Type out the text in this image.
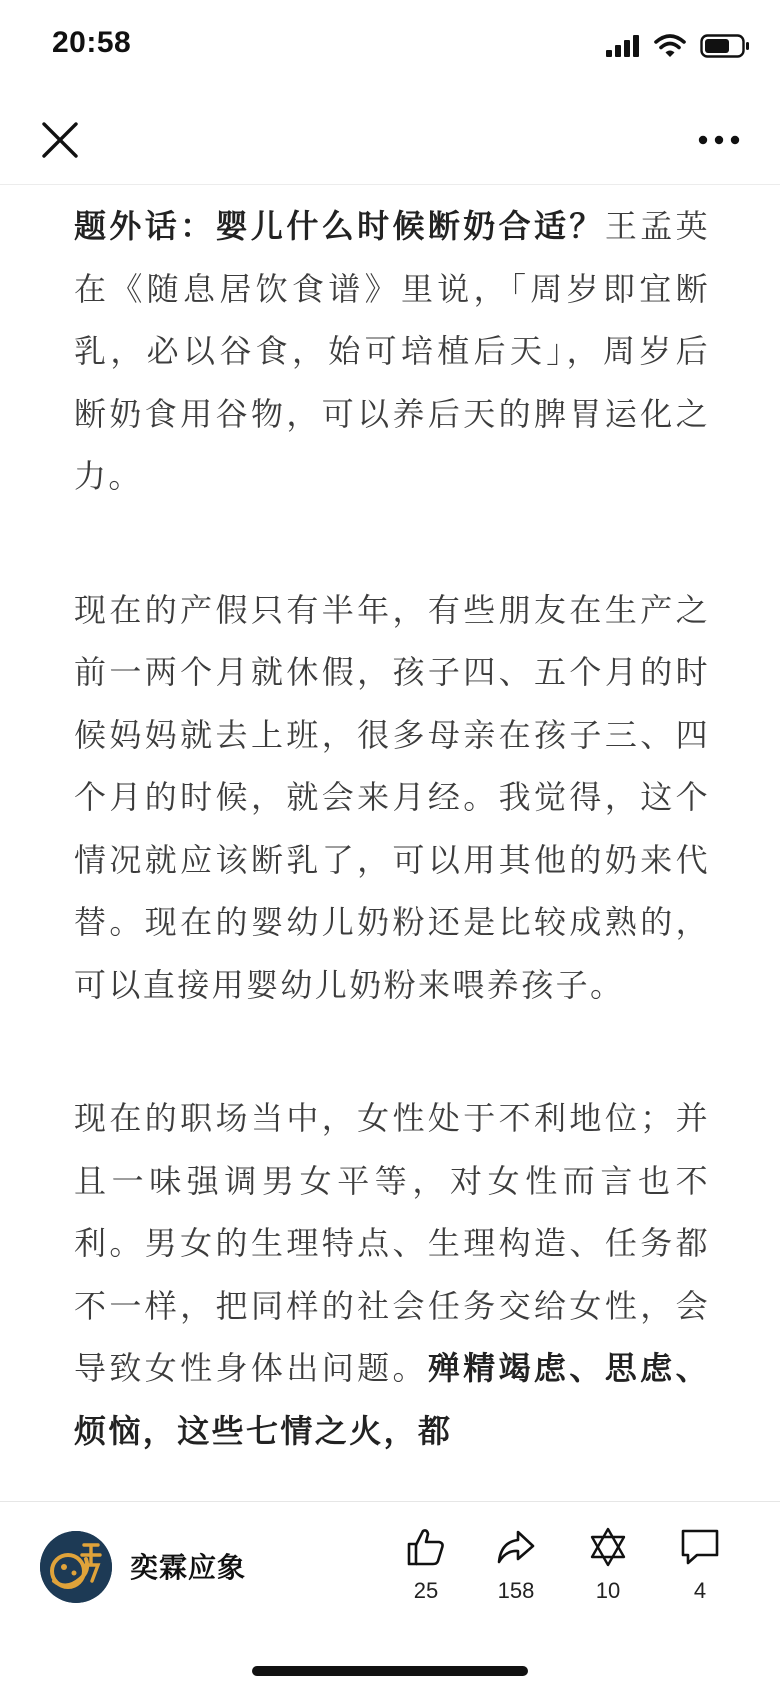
20:58

题外话：婴儿什么时候断奶合适？王孟英在《随息居饮食谱》里说，「周岁即宜断乳，必以谷食，始可培植后天」，周岁后断奶食用谷物，可以养后天的脾胃运化之力。

现在的产假只有半年，有些朋友在生产之前一两个月就休假，孩子四、五个月的时候妈妈就去上班，很多母亲在孩子三、四个月的时候，就会来月经。我觉得，这个情况就应该断乳了，可以用其他的奶来代替。现在的婴幼儿奶粉还是比较成熟的，可以直接用婴幼儿奶粉来喂养孩子。

现在的职场当中，女性处于不利地位；并且一味强调男女平等，对女性而言也不利。男女的生理特点、生理构造、任务都不一样，把同样的社会任务交给女性，会导致女性身体出问题。殚精竭虑、思虑、烦恼，这些七情之火，都

奕霖应象
25	158	10	4
